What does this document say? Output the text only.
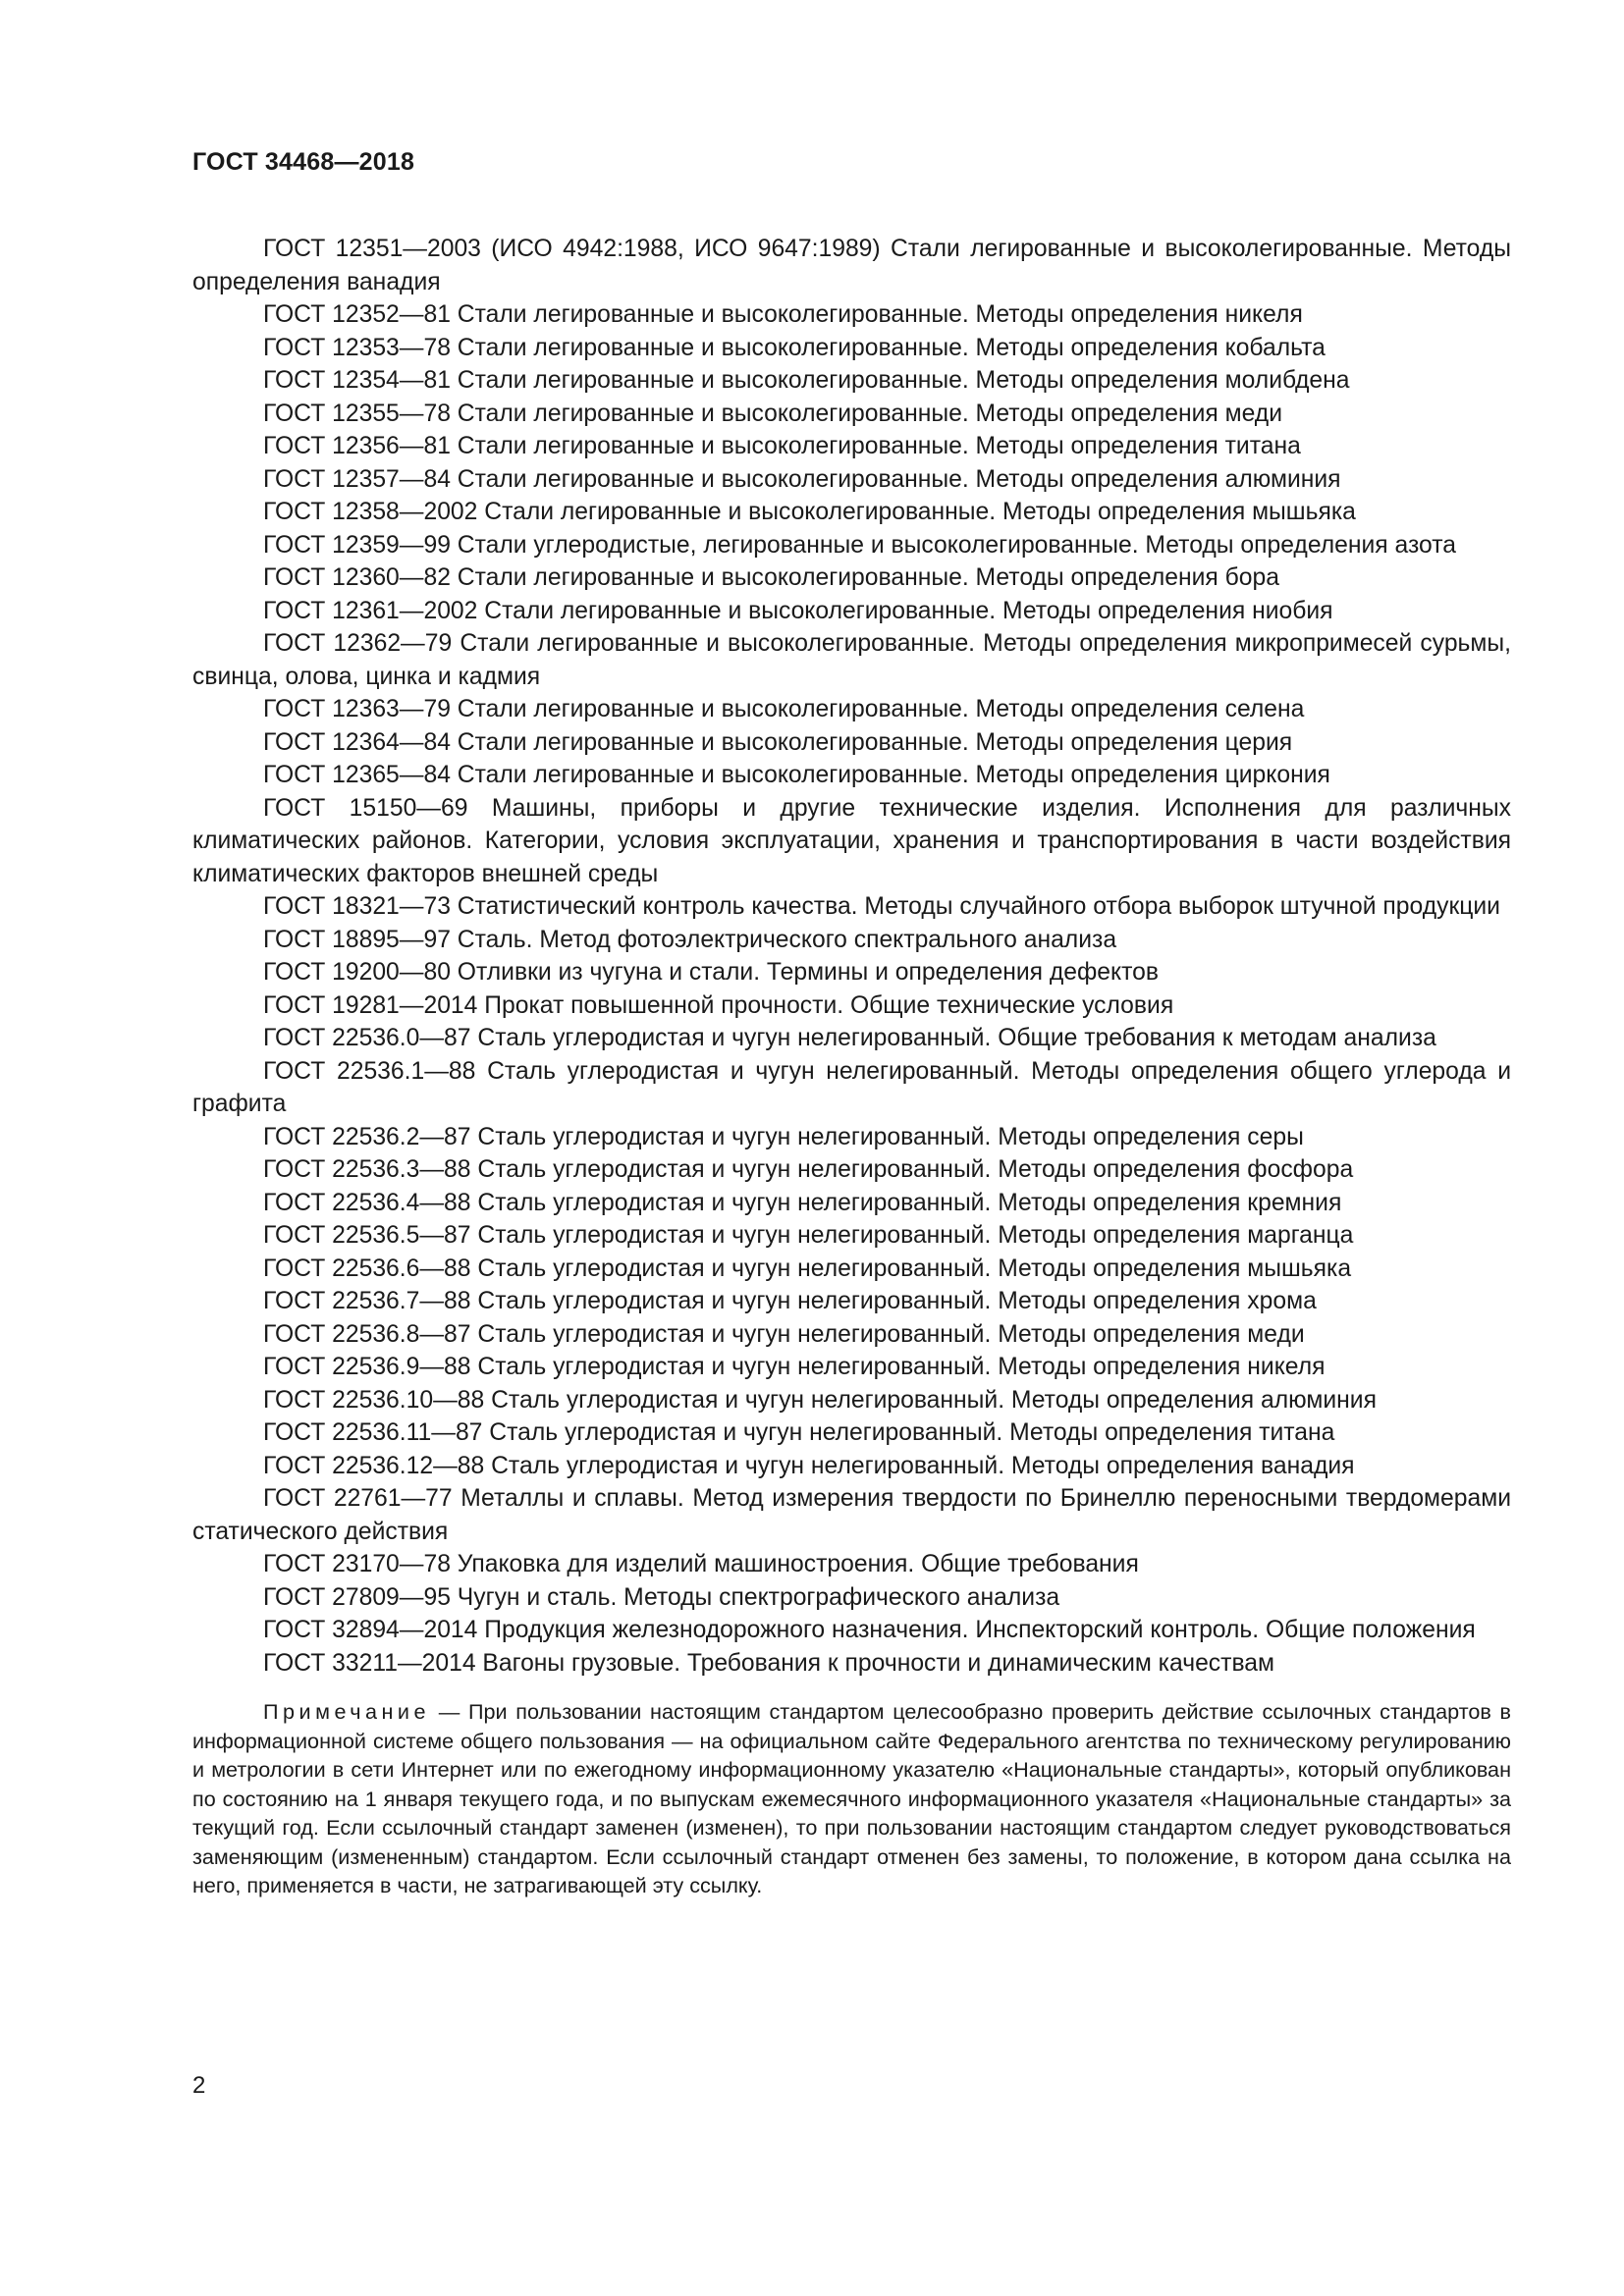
ГОСТ 34468—2018

ГОСТ 12351—2003 (ИСО 4942:1988, ИСО 9647:1989) Стали легированные и высоколегированные. Методы определения ванадия

ГОСТ 12352—81 Стали легированные и высоколегированные. Методы определения никеля

ГОСТ 12353—78 Стали легированные и высоколегированные. Методы определения кобальта

ГОСТ 12354—81 Стали легированные и высоколегированные. Методы определения молибдена

ГОСТ 12355—78 Стали легированные и высоколегированные. Методы определения меди

ГОСТ 12356—81 Стали легированные и высоколегированные. Методы определения титана

ГОСТ 12357—84 Стали легированные и высоколегированные. Методы определения алюминия

ГОСТ 12358—2002 Стали легированные и высоколегированные. Методы определения мышьяка

ГОСТ 12359—99 Стали углеродистые, легированные и высоколегированные. Методы определения азота

ГОСТ 12360—82 Стали легированные и высоколегированные. Методы определения бора

ГОСТ 12361—2002 Стали легированные и высоколегированные. Методы определения ниобия

ГОСТ 12362—79 Стали легированные и высоколегированные. Методы определения микропримесей сурьмы, свинца, олова, цинка и кадмия

ГОСТ 12363—79 Стали легированные и высоколегированные. Методы определения селена

ГОСТ 12364—84 Стали легированные и высоколегированные. Методы определения церия

ГОСТ 12365—84 Стали легированные и высоколегированные. Методы определения циркония

ГОСТ 15150—69 Машины, приборы и другие технические изделия. Исполнения для различных климатических районов. Категории, условия эксплуатации, хранения и транспортирования в части воздействия климатических факторов внешней среды

ГОСТ 18321—73 Статистический контроль качества. Методы случайного отбора выборок штучной продукции

ГОСТ 18895—97 Сталь. Метод фотоэлектрического спектрального анализа

ГОСТ 19200—80 Отливки из чугуна и стали. Термины и определения дефектов

ГОСТ 19281—2014 Прокат повышенной прочности. Общие технические условия

ГОСТ 22536.0—87 Сталь углеродистая и чугун нелегированный. Общие требования к методам анализа

ГОСТ 22536.1—88 Сталь углеродистая и чугун нелегированный. Методы определения общего углерода и графита

ГОСТ 22536.2—87 Сталь углеродистая и чугун нелегированный. Методы определения серы

ГОСТ 22536.3—88 Сталь углеродистая и чугун нелегированный. Методы определения фосфора

ГОСТ 22536.4—88 Сталь углеродистая и чугун нелегированный. Методы определения кремния

ГОСТ 22536.5—87 Сталь углеродистая и чугун нелегированный. Методы определения марганца

ГОСТ 22536.6—88 Сталь углеродистая и чугун нелегированный. Методы определения мышьяка

ГОСТ 22536.7—88 Сталь углеродистая и чугун нелегированный. Методы определения хрома

ГОСТ 22536.8—87 Сталь углеродистая и чугун нелегированный. Методы определения меди

ГОСТ 22536.9—88 Сталь углеродистая и чугун нелегированный. Методы определения никеля

ГОСТ 22536.10—88 Сталь углеродистая и чугун нелегированный. Методы определения алюминия

ГОСТ 22536.11—87 Сталь углеродистая и чугун нелегированный. Методы определения титана

ГОСТ 22536.12—88 Сталь углеродистая и чугун нелегированный. Методы определения ванадия

ГОСТ 22761—77 Металлы и сплавы. Метод измерения твердости по Бринеллю переносными твердомерами статического действия

ГОСТ 23170—78 Упаковка для изделий машиностроения. Общие требования

ГОСТ 27809—95 Чугун и сталь. Методы спектрографического анализа

ГОСТ 32894—2014 Продукция железнодорожного назначения. Инспекторский контроль. Общие положения

ГОСТ 33211—2014 Вагоны грузовые. Требования к прочности и динамическим качествам

Примечание — При пользовании настоящим стандартом целесообразно проверить действие ссылочных стандартов в информационной системе общего пользования — на официальном сайте Федерального агентства по техническому регулированию и метрологии в сети Интернет или по ежегодному информационному указателю «Национальные стандарты», который опубликован по состоянию на 1 января текущего года, и по выпускам ежемесячного информационного указателя «Национальные стандарты» за текущий год. Если ссылочный стандарт заменен (изменен), то при пользовании настоящим стандартом следует руководствоваться заменяющим (измененным) стандартом. Если ссылочный стандарт отменен без замены, то положение, в котором дана ссылка на него, применяется в части, не затрагивающей эту ссылку.

2
